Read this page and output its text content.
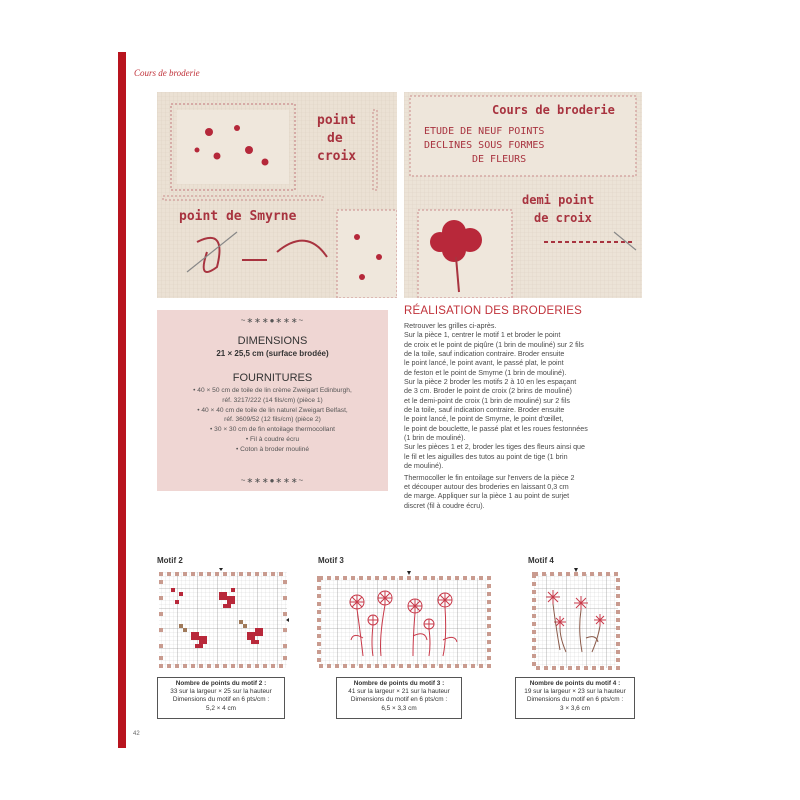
Cours de broderie
point
de
croix
point de Smyrne
Cours de broderie
ETUDE DE NEUF POINTS
DECLINES SOUS FORMES
DE FLEURS
demi point
de croix
~∗∗∗●∗∗∗~
DIMENSIONS
21 × 25,5 cm (surface brodée)
FOURNITURES
• 40 × 50 cm de toile de lin crème Zweigart Edinburgh,
réf. 3217/222 (14 fils/cm) (pièce 1)
• 40 × 40 cm de toile de lin naturel Zweigart Belfast,
réf. 3609/52 (12 fils/cm) (pièce 2)
• 30 × 30 cm de fin entoilage thermocollant
• Fil à coudre écru
• Coton à broder mouliné
~∗∗∗●∗∗∗~
RÉALISATION DES BRODERIES

Retrouver les grilles ci-après.
Sur la pièce 1, centrer le motif 1 et broder le point
de croix et le point de piqûre (1 brin de mouliné) sur 2 fils
de la toile, sauf indication contraire. Broder ensuite
le point lancé, le point avant, le passé plat, le point
de feston et le point de Smyrne (1 brin de mouliné).
Sur la pièce 2 broder les motifs 2 à 10 en les espaçant
de 3 cm. Broder le point de croix (2 brins de mouliné)
et le demi-point de croix (1 brin de mouliné) sur 2 fils
de la toile, sauf indication contraire. Broder ensuite
le point lancé, le point de Smyrne, le point d'œillet,
le point de bouclette, le passé plat et les roues festonnées
(1 brin de mouliné).
Sur les pièces 1 et 2, broder les tiges des fleurs ainsi que
le fil et les aiguilles des tutos au point de tige (1 brin
de mouliné).

Thermocoller le fin entoilage sur l'envers de la pièce 2
et découper autour des broderies en laissant 0,3 cm
de marge. Appliquer sur la pièce 1 au point de surjet
discret (fil à coudre écru).

Motif 2
Nombre de points du motif 2 :
33 sur la largeur × 25 sur la hauteur
Dimensions du motif en 6 pts/cm :
5,2 × 4 cm
Motif 3
Nombre de points du motif 3 :
41 sur la largeur × 21 sur la hauteur
Dimensions du motif en 6 pts/cm :
6,5 × 3,3 cm
Motif 4
Nombre de points du motif 4 :
19 sur la largeur × 23 sur la hauteur
Dimensions du motif en 6 pts/cm :
3 × 3,6 cm
42
